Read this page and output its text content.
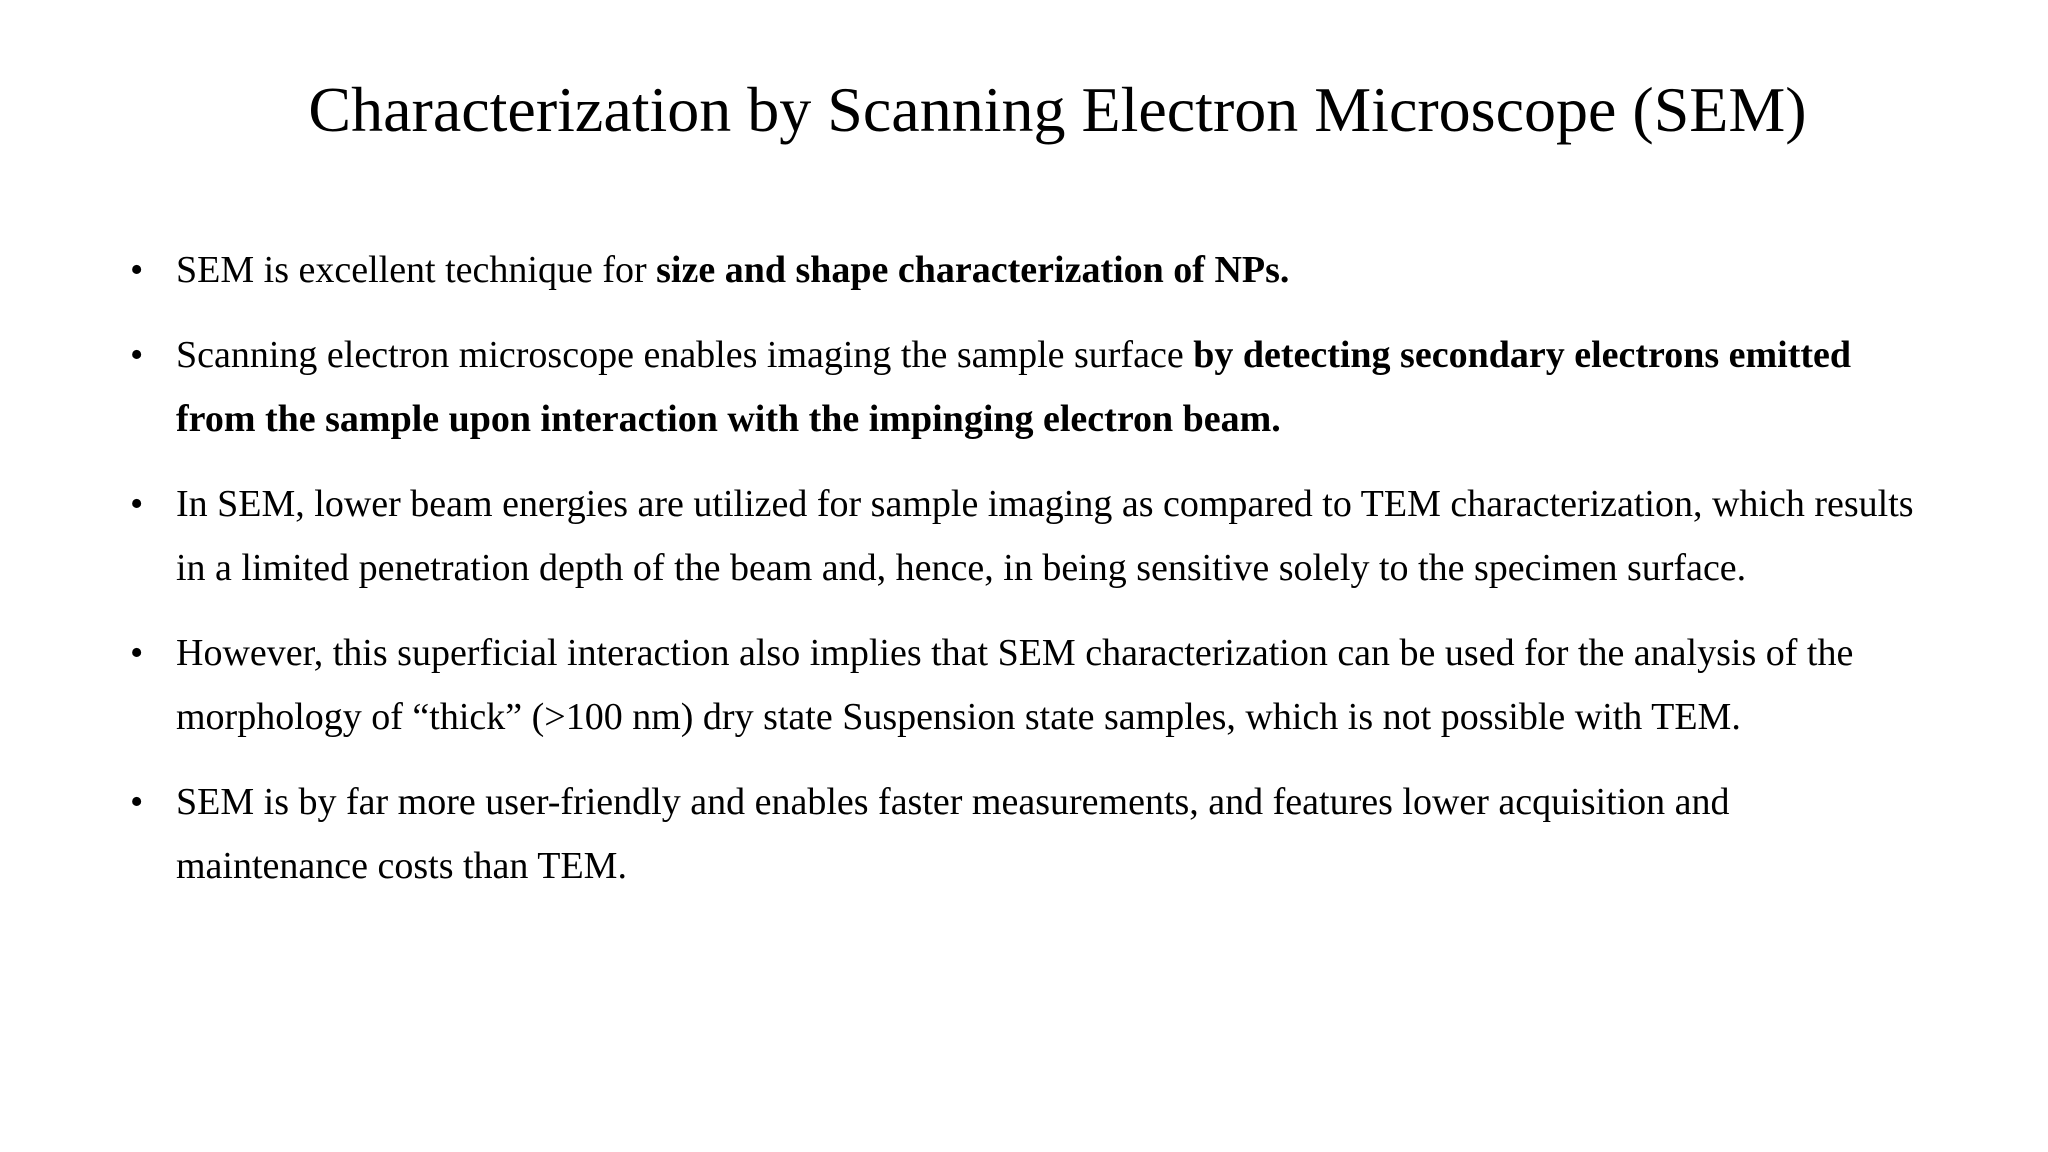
Characterization by Scanning Electron Microscope (SEM)
• SEM is excellent technique for size and shape characterization of NPs.
• Scanning electron microscope enables imaging the sample surface by detecting secondary electrons emitted from the sample upon interaction with the impinging electron beam.
• In SEM, lower beam energies are utilized for sample imaging as compared to TEM characterization, which results in a limited penetration depth of the beam and, hence, in being sensitive solely to the specimen surface.
• However, this superficial interaction also implies that SEM characterization can be used for the analysis of the morphology of “thick” (>100 nm) dry state Suspension state samples, which is not possible with TEM.
• SEM is by far more user-friendly and enables faster measurements, and features lower acquisition and maintenance costs than TEM.
